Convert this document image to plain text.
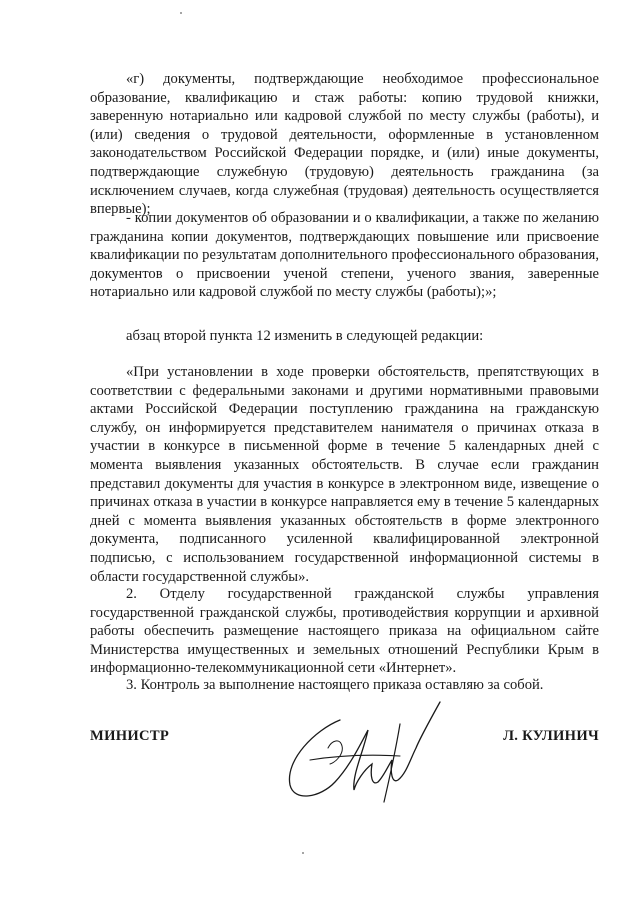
«г) документы, подтверждающие необходимое профессиональное образование, квалификацию и стаж работы: копию трудовой книжки, заверенную нотариально или кадровой службой по месту службы (работы), и (или) сведения о трудовой деятельности, оформленные в установленном законодательством Российской Федерации порядке, и (или) иные документы, подтверждающие служебную (трудовую) деятельность гражданина (за исключением случаев, когда служебная (трудовая) деятельность осуществляется впервые);

- копии документов об образовании и о квалификации, а также по желанию гражданина копии документов, подтверждающих повышение или присвоение квалификации по результатам дополнительного профессионального образования, документов о присвоении ученой степени, ученого звания, заверенные нотариально или кадровой службой по месту службы (работы);»;

абзац второй пункта 12 изменить в следующей редакции:

«При установлении в ходе проверки обстоятельств, препятствующих в соответствии с федеральными законами и другими нормативными правовыми актами Российской Федерации поступлению гражданина на гражданскую службу, он информируется представителем нанимателя о причинах отказа в участии в конкурсе в письменной форме в течение 5 календарных дней с момента выявления указанных обстоятельств. В случае если гражданин представил документы для участия в конкурсе в электронном виде, извещение о причинах отказа в участии в конкурсе направляется ему в течение 5 календарных дней с момента выявления указанных обстоятельств в форме электронного документа, подписанного усиленной квалифицированной электронной подписью, с использованием государственной информационной системы в области государственной службы».

2. Отделу государственной гражданской службы управления государственной гражданской службы, противодействия коррупции и архивной работы обеспечить размещение настоящего приказа на официальном сайте Министерства имущественных и земельных отношений Республики Крым в информационно-телекоммуникационной сети «Интернет».

3. Контроль за выполнение настоящего приказа оставляю за собой.

МИНИСТР	Л. КУЛИНИЧ
